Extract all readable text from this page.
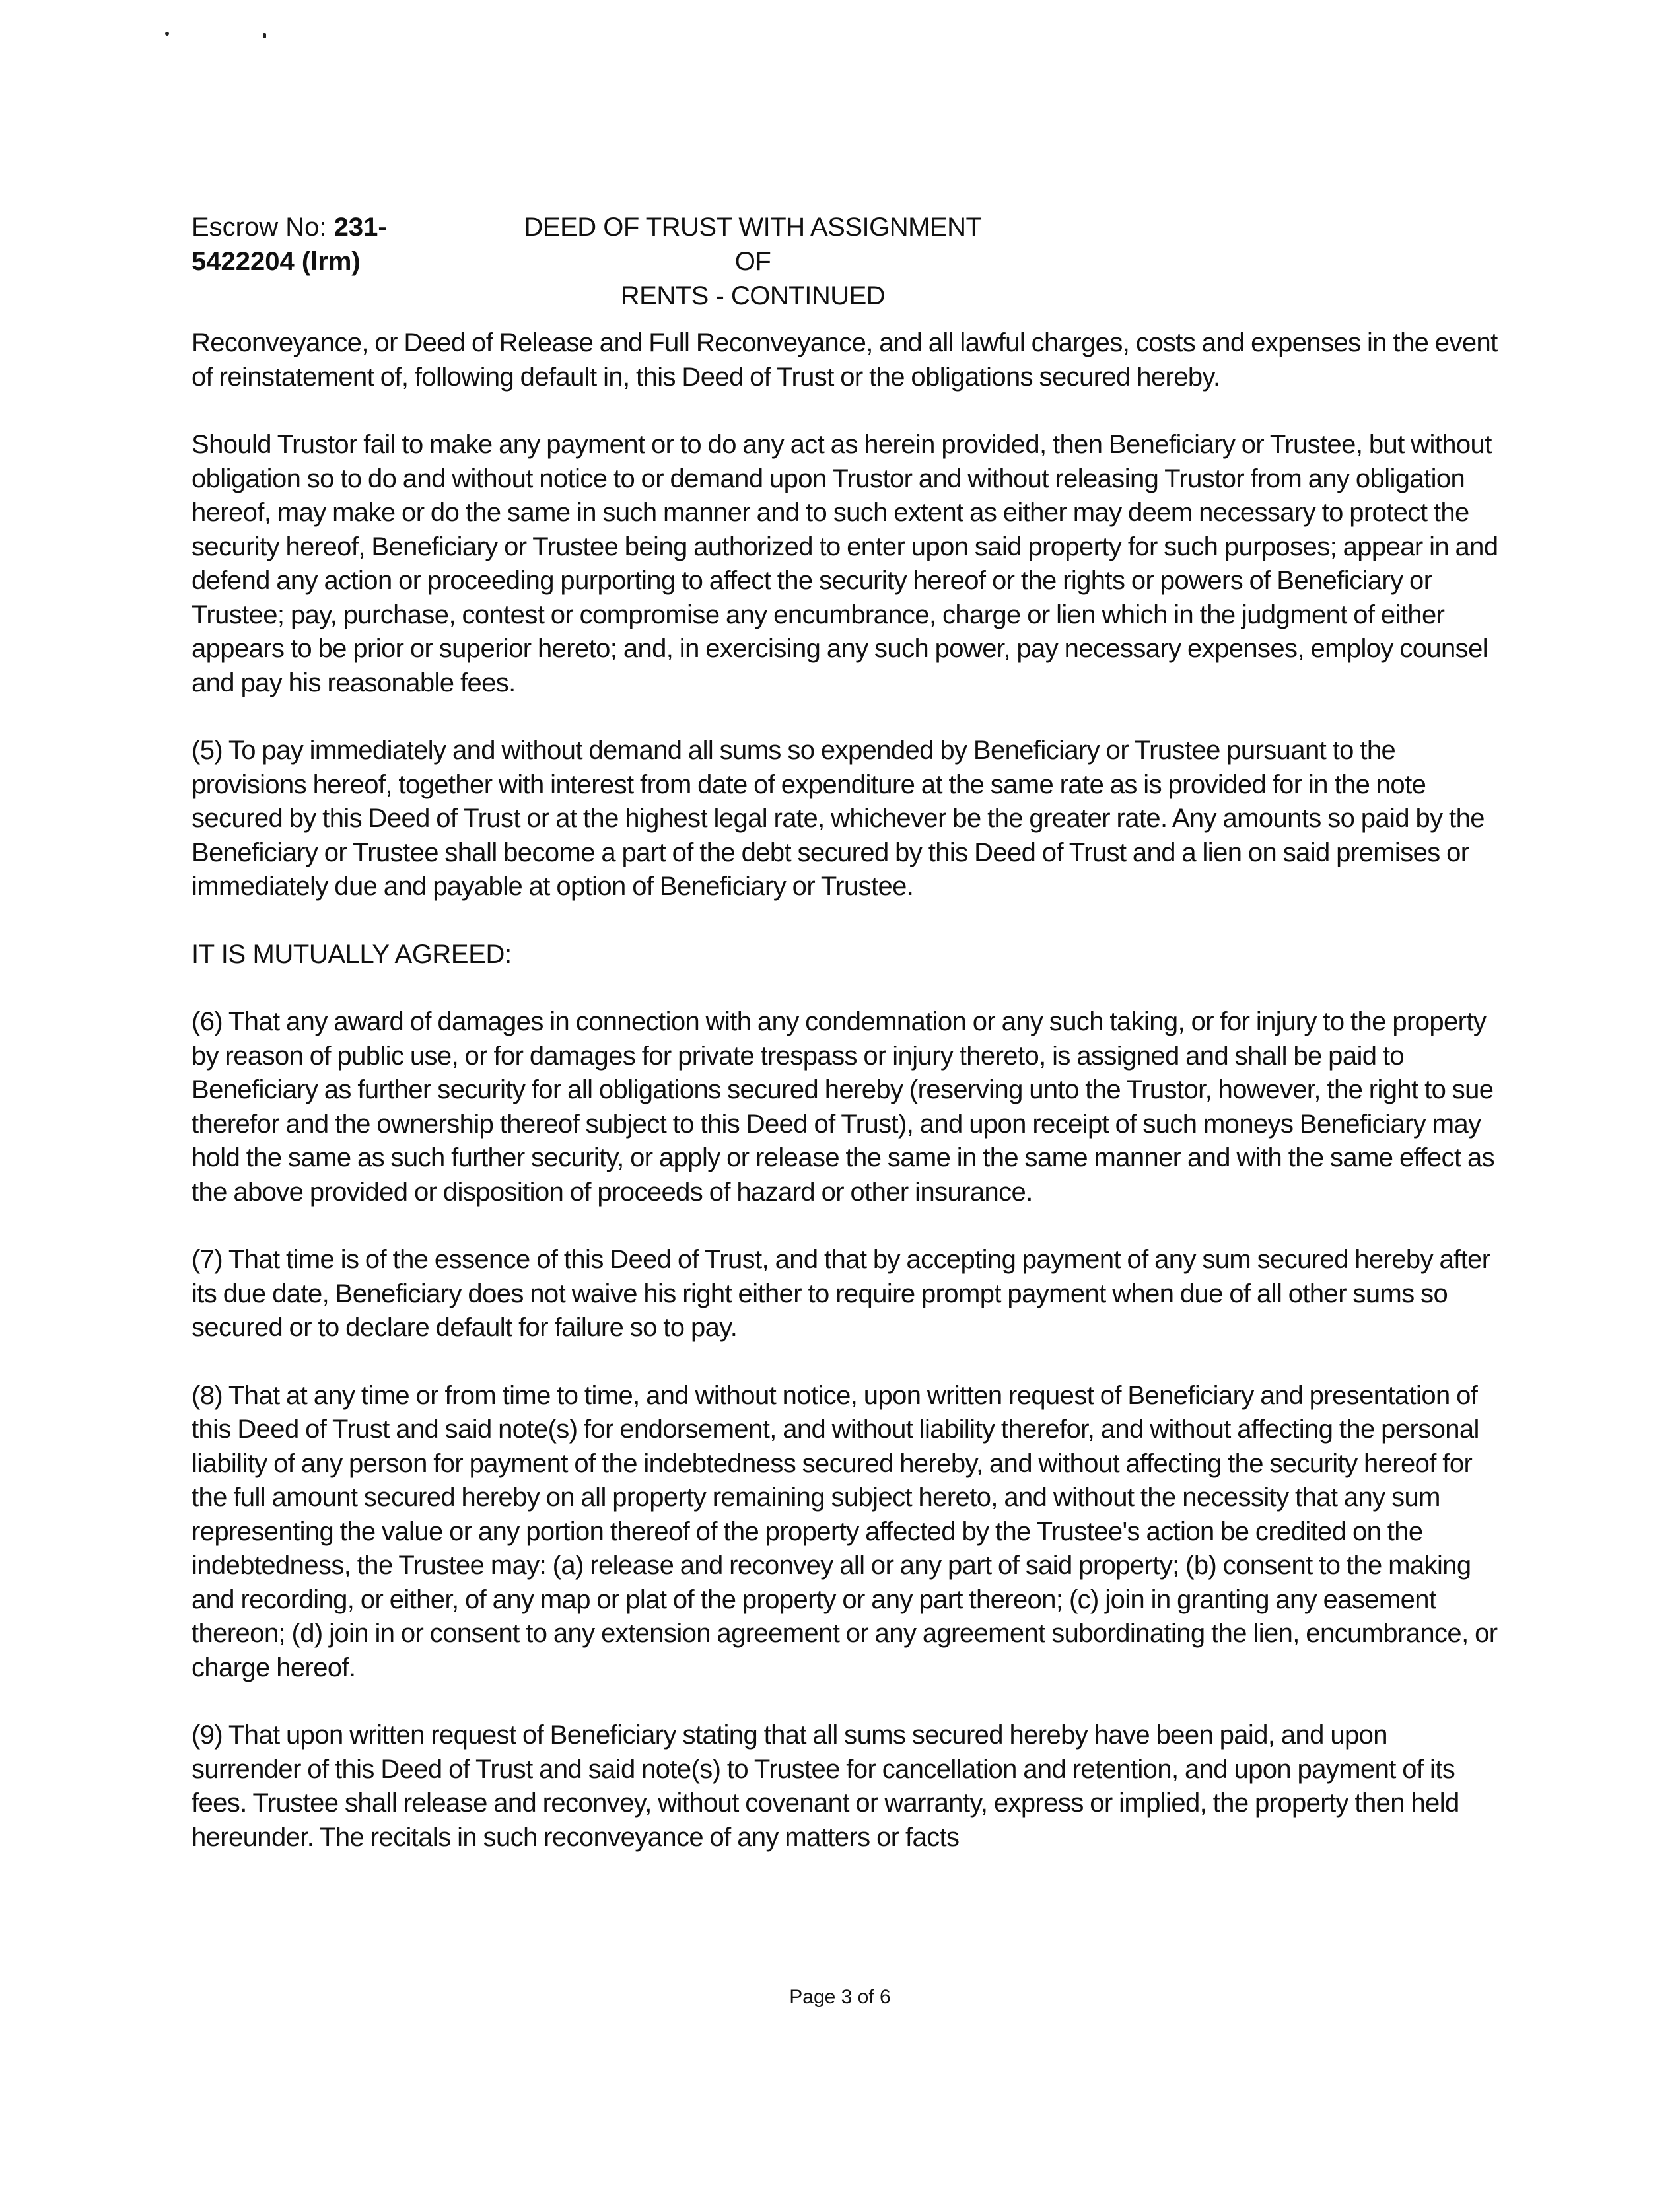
Escrow No: 231-
5422204 (lrm)
DEED OF TRUST WITH ASSIGNMENT OF
RENTS - CONTINUED

Reconveyance, or Deed of Release and Full Reconveyance, and all lawful charges, costs and expenses in the event of reinstatement of, following default in, this Deed of Trust or the obligations secured hereby.

Should Trustor fail to make any payment or to do any act as herein provided, then Beneficiary or Trustee, but without obligation so to do and without notice to or demand upon Trustor and without releasing Trustor from any obligation hereof, may make or do the same in such manner and to such extent as either may deem necessary to protect the security hereof, Beneficiary or Trustee being authorized to enter upon said property for such purposes; appear in and defend any action or proceeding purporting to affect the security hereof or the rights or powers of Beneficiary or Trustee; pay, purchase, contest or compromise any encumbrance, charge or lien which in the judgment of either appears to be prior or superior hereto; and, in exercising any such power, pay necessary expenses, employ counsel and pay his reasonable fees.

(5) To pay immediately and without demand all sums so expended by Beneficiary or Trustee pursuant to the provisions hereof, together with interest from date of expenditure at the same rate as is provided for in the note secured by this Deed of Trust or at the highest legal rate, whichever be the greater rate. Any amounts so paid by the Beneficiary or Trustee shall become a part of the debt secured by this Deed of Trust and a lien on said premises or immediately due and payable at option of Beneficiary or Trustee.

IT IS MUTUALLY AGREED:

(6) That any award of damages in connection with any condemnation or any such taking, or for injury to the property by reason of public use, or for damages for private trespass or injury thereto, is assigned and shall be paid to Beneficiary as further security for all obligations secured hereby (reserving unto the Trustor, however, the right to sue therefor and the ownership thereof subject to this Deed of Trust), and upon receipt of such moneys Beneficiary may hold the same as such further security, or apply or release the same in the same manner and with the same effect as the above provided or disposition of proceeds of hazard or other insurance.

(7) That time is of the essence of this Deed of Trust, and that by accepting payment of any sum secured hereby after its due date, Beneficiary does not waive his right either to require prompt payment when due of all other sums so secured or to declare default for failure so to pay.

(8) That at any time or from time to time, and without notice, upon written request of Beneficiary and presentation of this Deed of Trust and said note(s) for endorsement, and without liability therefor, and without affecting the personal liability of any person for payment of the indebtedness secured hereby, and without affecting the security hereof for the full amount secured hereby on all property remaining subject hereto, and without the necessity that any sum representing the value or any portion thereof of the property affected by the Trustee's action be credited on the indebtedness, the Trustee may: (a) release and reconvey all or any part of said property; (b) consent to the making and recording, or either, of any map or plat of the property or any part thereon; (c) join in granting any easement thereon; (d) join in or consent to any extension agreement or any agreement subordinating the lien, encumbrance, or charge hereof.

(9) That upon written request of Beneficiary stating that all sums secured hereby have been paid, and upon surrender of this Deed of Trust and said note(s) to Trustee for cancellation and retention, and upon payment of its fees. Trustee shall release and reconvey, without covenant or warranty, express or implied, the property then held hereunder. The recitals in such reconveyance of any matters or facts

Page 3 of 6
